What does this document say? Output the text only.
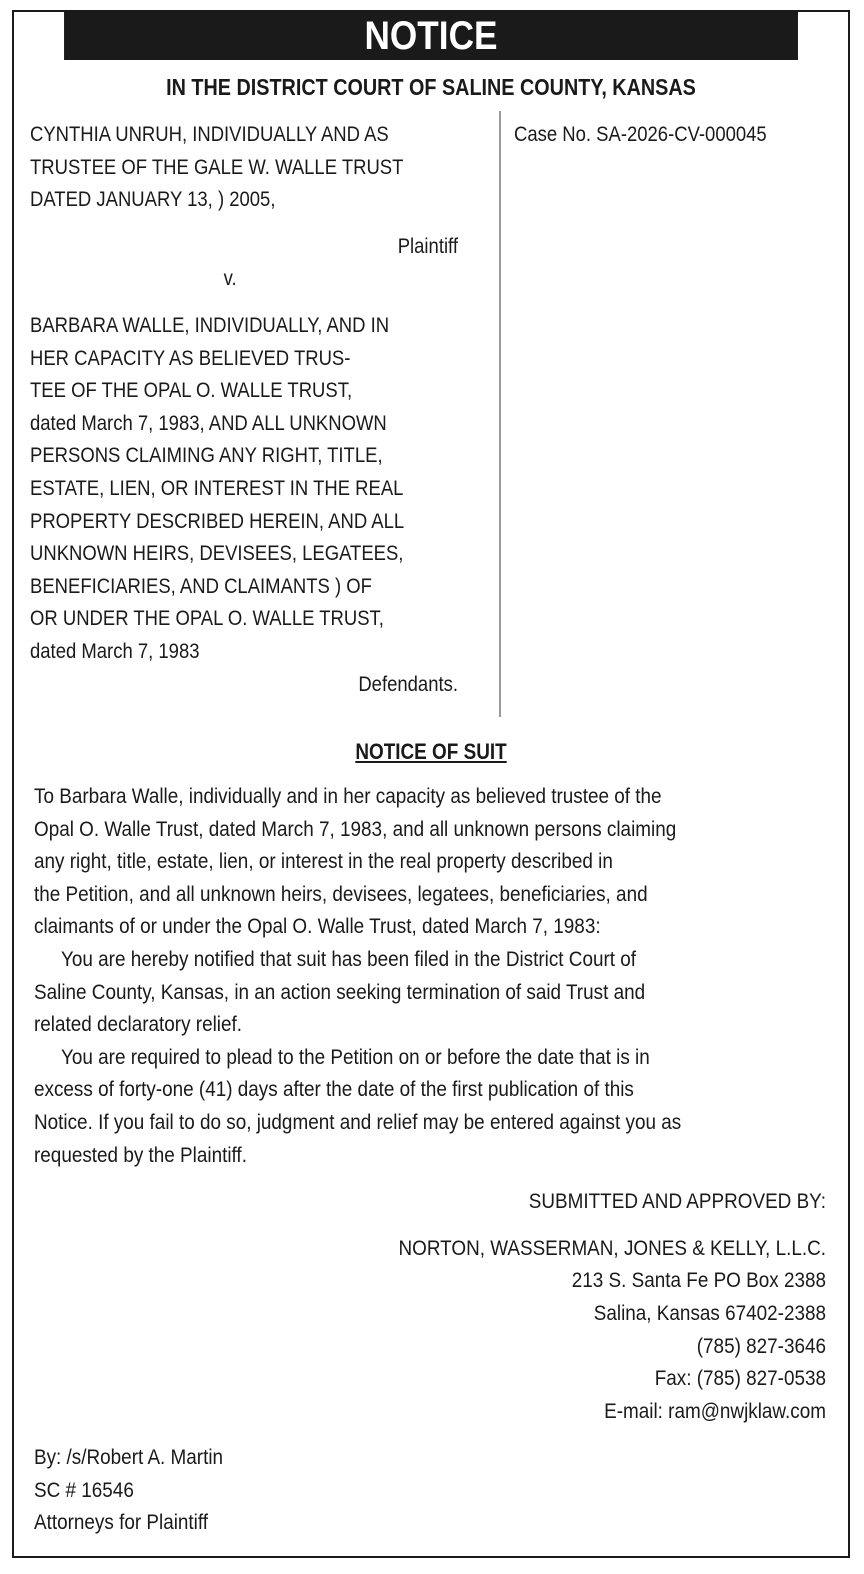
NOTICE
IN THE DISTRICT COURT OF SALINE COUNTY, KANSAS
CYNTHIA UNRUH, INDIVIDUALLY AND AS
TRUSTEE OF THE GALE W. WALLE TRUST
DATED JANUARY 13, ) 2005,
Plaintiff
v.
BARBARA WALLE, INDIVIDUALLY, AND IN
HER CAPACITY AS BELIEVED TRUS-
TEE OF THE OPAL O. WALLE TRUST,
dated March 7, 1983, AND ALL UNKNOWN
PERSONS CLAIMING ANY RIGHT, TITLE,
ESTATE, LIEN, OR INTEREST IN THE REAL
PROPERTY DESCRIBED HEREIN, AND ALL
UNKNOWN HEIRS, DEVISEES, LEGATEES,
BENEFICIARIES, AND CLAIMANTS ) OF
OR UNDER THE OPAL O. WALLE TRUST,
dated March 7, 1983
Defendants.
Case No. SA-2026-CV-000045
NOTICE OF SUIT
To Barbara Walle, individually and in her capacity as believed trustee of the
Opal O. Walle Trust, dated March 7, 1983, and all unknown persons claiming
any right, title, estate, lien, or interest in the real property described in
the Petition, and all unknown heirs, devisees, legatees, beneficiaries, and
claimants of or under the Opal O. Walle Trust, dated March 7, 1983:
You are hereby notified that suit has been filed in the District Court of
Saline County, Kansas, in an action seeking termination of said Trust and
related declaratory relief.
You are required to plead to the Petition on or before the date that is in
excess of forty-one (41) days after the date of the first publication of this
Notice. If you fail to do so, judgment and relief may be entered against you as
requested by the Plaintiff.
SUBMITTED AND APPROVED BY:
NORTON, WASSERMAN, JONES & KELLY, L.L.C.
213 S. Santa Fe PO Box 2388
Salina, Kansas 67402-2388
(785) 827-3646
Fax: (785) 827-0538
E-mail: ram@nwjklaw.com
By: /s/Robert A. Martin
SC # 16546
Attorneys for Plaintiff
